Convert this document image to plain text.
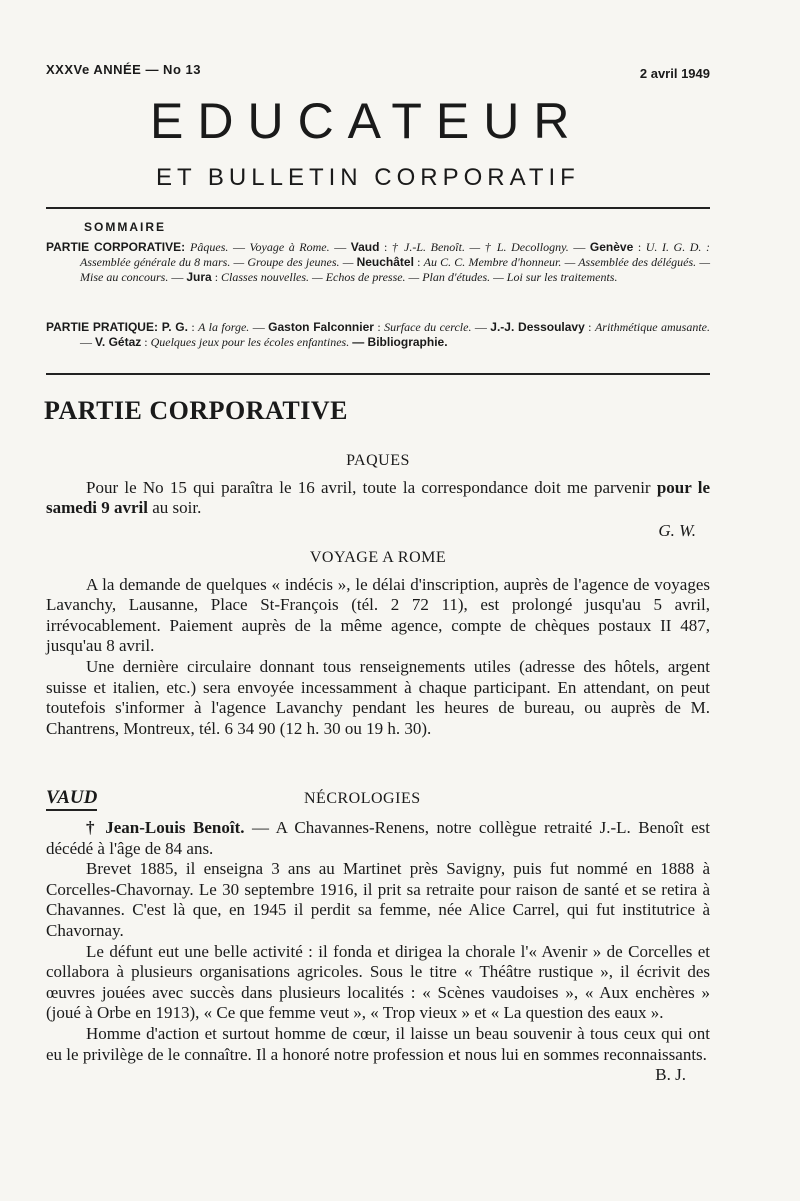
XXXVe ANNÉE — No 13	2 avril 1949
EDUCATEUR
ET BULLETIN CORPORATIF
SOMMAIRE
PARTIE CORPORATIVE: Pâques. — Voyage à Rome. — Vaud : † J.-L. Benoît. — † L. Decollogny. — Genève : U. I. G. D. : Assemblée générale du 8 mars. — Groupe des jeunes. — Neuchâtel : Au C. C. Membre d'honneur. — Assemblée des délégués. — Mise au concours. — Jura : Classes nouvelles. — Echos de presse. — Plan d'études. — Loi sur les traitements.
PARTIE PRATIQUE: P. G. : A la forge. — Gaston Falconnier : Surface du cercle. — J.-J. Dessoulavy : Arithmétique amusante. — V. Gétaz : Quelques jeux pour les écoles enfantines. — Bibliographie.
PARTIE CORPORATIVE
PAQUES

Pour le No 15 qui paraîtra le 16 avril, toute la correspondance doit me parvenir pour le samedi 9 avril au soir.

G. W.
VOYAGE A ROME

A la demande de quelques « indécis », le délai d'inscription, auprès de l'agence de voyages Lavanchy, Lausanne, Place St-François (tél. 2 72 11), est prolongé jusqu'au 5 avril, irrévocablement. Paiement auprès de la même agence, compte de chèques postaux II 487, jusqu'au 8 avril.

Une dernière circulaire donnant tous renseignements utiles (adresse des hôtels, argent suisse et italien, etc.) sera envoyée incessamment à chaque participant. En attendant, on peut toutefois s'informer à l'agence Lavanchy pendant les heures de bureau, ou auprès de M. Chantrens, Montreux, tél. 6 34 90 (12 h. 30 ou 19 h. 30).

VAUD	NÉCROLOGIES

† Jean-Louis Benoît. — A Chavannes-Renens, notre collègue retraité J.-L. Benoît est décédé à l'âge de 84 ans.

Brevet 1885, il enseigna 3 ans au Martinet près Savigny, puis fut nommé en 1888 à Corcelles-Chavornay. Le 30 septembre 1916, il prit sa retraite pour raison de santé et se retira à Chavannes. C'est là que, en 1945 il perdit sa femme, née Alice Carrel, qui fut institutrice à Chavornay.

Le défunt eut une belle activité : il fonda et dirigea la chorale l'« Avenir » de Corcelles et collabora à plusieurs organisations agricoles. Sous le titre « Théâtre rustique », il écrivit des œuvres jouées avec succès dans plusieurs localités : « Scènes vaudoises », « Aux enchères » (joué à Orbe en 1913), « Ce que femme veut », « Trop vieux » et « La question des eaux ».

Homme d'action et surtout homme de cœur, il laisse un beau souvenir à tous ceux qui ont eu le privilège de le connaître. Il a honoré notre profession et nous lui en sommes reconnaissants.

B. J.
